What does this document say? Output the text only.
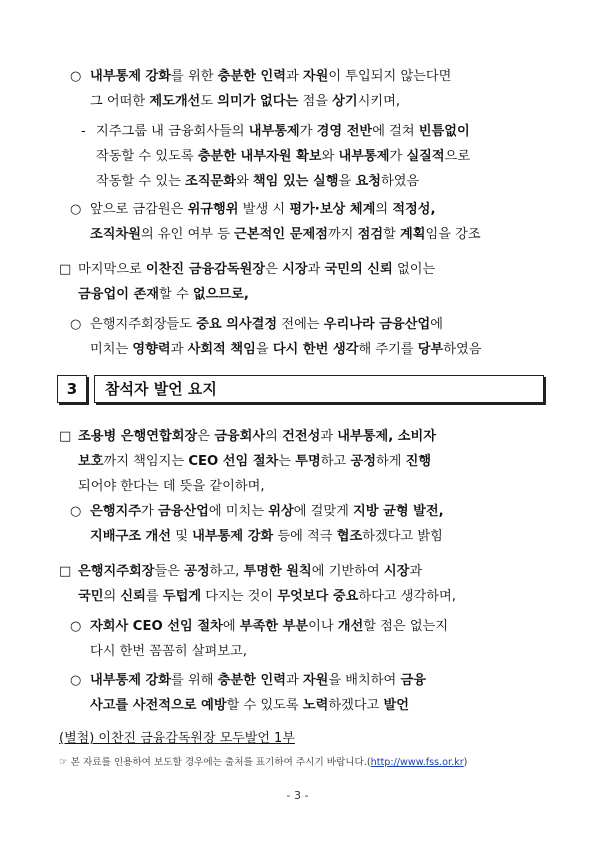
○ 내부통제 강화를 위한 충분한 인력과 자원이 투입되지 않는다면
그 어떠한 제도개선도 의미가 없다는 점을 상기시키며,
- 지주그룹 내 금융회사들의 내부통제가 경영 전반에 걸쳐 빈틈없이
작동할 수 있도록 충분한 내부자원 확보와 내부통제가 실질적으로
작동할 수 있는 조직문화와 책임 있는 실행을 요청하였음
○ 앞으로 금감원은 위규행위 발생 시 평가·보상 체계의 적정성,
조직차원의 유인 여부 등 근본적인 문제점까지 점검할 계획임을 강조
□ 마지막으로 이찬진 금융감독원장은 시장과 국민의 신뢰 없이는
금융업이 존재할 수 없으므로,
○ 은행지주회장들도 중요 의사결정 전에는 우리나라 금융산업에
미치는 영향력과 사회적 책임을 다시 한번 생각해 주기를 당부하였음
□ 조용병 은행연합회장은 금융회사의 건전성과 내부통제, 소비자
보호까지 책임지는 CEO 선임 절차는 투명하고 공정하게 진행
되어야 한다는 데 뜻을 같이하며,
○ 은행지주가 금융산업에 미치는 위상에 걸맞게 지방 균형 발전,
지배구조 개선 및 내부통제 강화 등에 적극 협조하겠다고 밝힘
□ 은행지주회장들은 공정하고, 투명한 원칙에 기반하여 시장과
국민의 신뢰를 두텁게 다지는 것이 무엇보다 중요하다고 생각하며,
○ 자회사 CEO 선임 절차에 부족한 부분이나 개선할 점은 없는지
다시 한번 꼼꼼히 살펴보고,
○ 내부통제 강화를 위해 충분한 인력과 자원을 배치하여 금융
사고를 사전적으로 예방할 수 있도록 노력하겠다고 발언
3	참석자 발언 요지
(별첨) 이찬진 금융감독원장 모두발언 1부
☞ 본 자료를 인용하여 보도할 경우에는 출처를 표기하여 주시기 바랍니다.(http://www.fss.or.kr)
- 3 -
